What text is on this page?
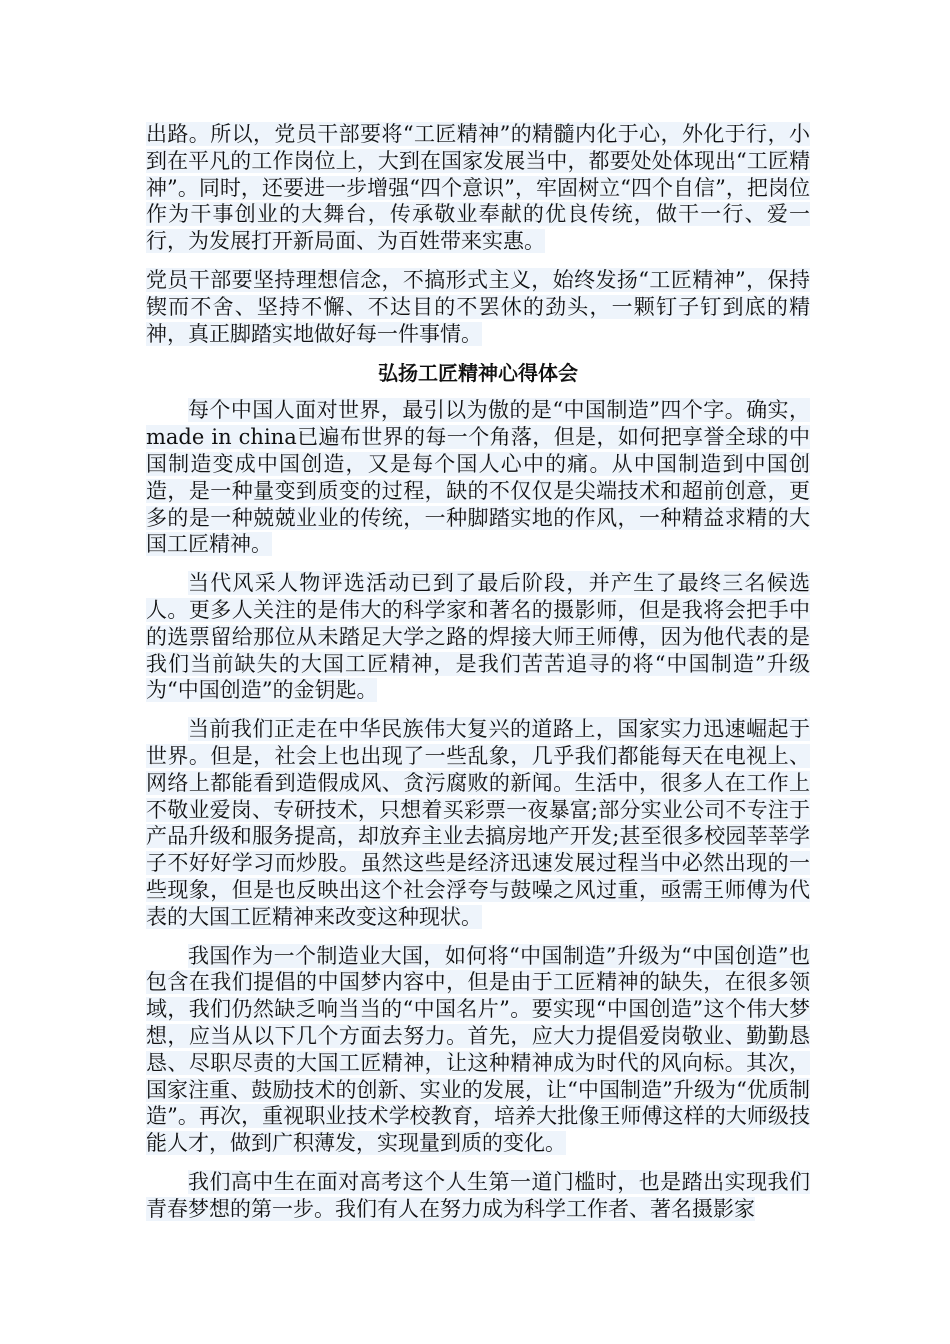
出路。所以，党员干部要将“工匠精神”的精髓内化于心，外化于行，小到在平凡的工作岗位上，大到在国家发展当中，都要处处体现出“工匠精神”。同时，还要进一步增强“四个意识”，牢固树立“四个自信”，把岗位作为干事创业的大舞台，传承敬业奉献的优良传统，做干一行、爱一行，为发展打开新局面、为百姓带来实惠。

党员干部要坚持理想信念，不搞形式主义，始终发扬“工匠精神”，保持锲而不舍、坚持不懈、不达目的不罢休的劲头，一颗钉子钉到底的精神，真正脚踏实地做好每一件事情。

弘扬工匠精神心得体会

每个中国人面对世界，最引以为傲的是“中国制造”四个字。确实，made in china已遍布世界的每一个角落，但是，如何把享誉全球的中国制造变成中国创造，又是每个国人心中的痛。从中国制造到中国创造，是一种量变到质变的过程，缺的不仅仅是尖端技术和超前创意，更多的是一种兢兢业业的传统，一种脚踏实地的作风，一种精益求精的大国工匠精神。

当代风采人物评选活动已到了最后阶段，并产生了最终三名候选人。更多人关注的是伟大的科学家和著名的摄影师，但是我将会把手中的选票留给那位从未踏足大学之路的焊接大师王师傅，因为他代表的是我们当前缺失的大国工匠精神，是我们苦苦追寻的将“中国制造”升级为“中国创造”的金钥匙。

当前我们正走在中华民族伟大复兴的道路上，国家实力迅速崛起于世界。但是，社会上也出现了一些乱象，几乎我们都能每天在电视上、网络上都能看到造假成风、贪污腐败的新闻。生活中，很多人在工作上不敬业爱岗、专研技术，只想着买彩票一夜暴富;部分实业公司不专注于产品升级和服务提高，却放弃主业去搞房地产开发;甚至很多校园莘莘学子不好好学习而炒股。虽然这些是经济迅速发展过程当中必然出现的一些现象，但是也反映出这个社会浮夸与鼓噪之风过重，亟需王师傅为代表的大国工匠精神来改变这种现状。

我国作为一个制造业大国，如何将“中国制造”升级为“中国创造”也包含在我们提倡的中国梦内容中，但是由于工匠精神的缺失，在很多领域，我们仍然缺乏响当当的“中国名片”。要实现“中国创造”这个伟大梦想，应当从以下几个方面去努力。首先，应大力提倡爱岗敬业、勤勤恳恳、尽职尽责的大国工匠精神，让这种精神成为时代的风向标。其次，国家注重、鼓励技术的创新、实业的发展，让“中国制造”升级为“优质制造”。再次，重视职业技术学校教育，培养大批像王师傅这样的大师级技能人才，做到广积薄发，实现量到质的变化。

我们高中生在面对高考这个人生第一道门槛时，也是踏出实现我们青春梦想的第一步。我们有人在努力成为科学工作者、著名摄影家
